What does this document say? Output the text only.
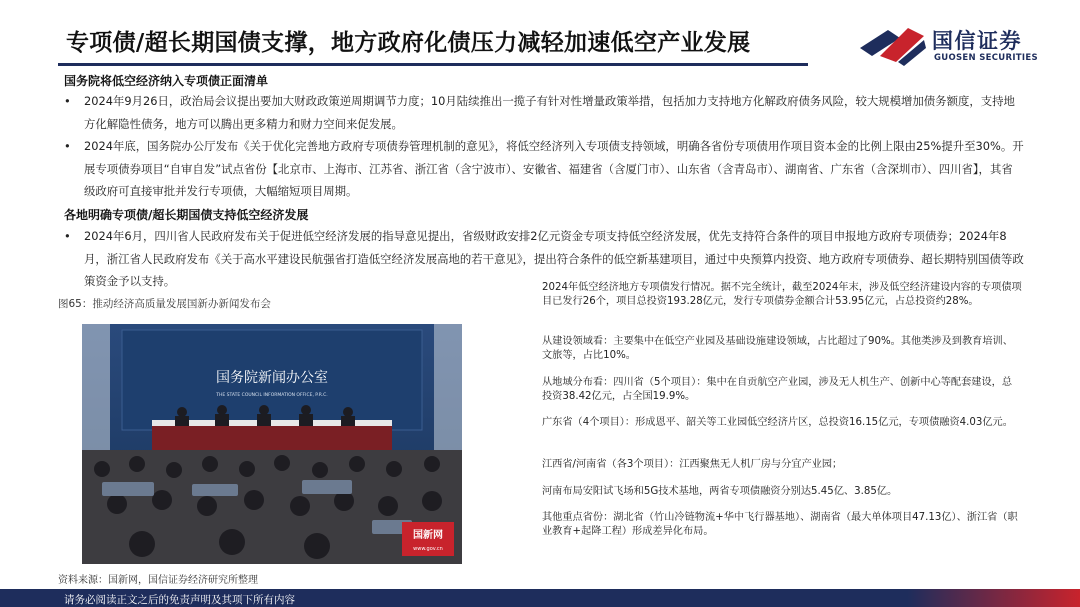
专项债/超长期国债支撑，地方政府化债压力减轻加速低空产业发展	国信证券
GUOSEN SECURITIES
国务院将低空经济纳入专项债正面清单
• 2024年9月26日，政治局会议提出要加大财政政策逆周期调节力度；10月陆续推出一揽子有针对性增量政策举措，包括加力支持地方化解政府债务风险，较大规模增加债务额度，支持地方化解隐性债务，地方可以腾出更多精力和财力空间来促发展。
• 2024年底，国务院办公厅发布《关于优化完善地方政府专项债券管理机制的意见》，将低空经济列入专项债支持领域，明确各省份专项债用作项目资本金的比例上限由25%提升至30%。开展专项债券项目“自审自发”试点省份【北京市、上海市、江苏省、浙江省（含宁波市）、安徽省、福建省（含厦门市）、山东省（含青岛市）、湖南省、广东省（含深圳市）、四川省】，其省级政府可直接审批并发行专项债，大幅缩短项目周期。
各地明确专项债/超长期国债支持低空经济发展
• 2024年6月，四川省人民政府发布关于促进低空经济发展的指导意见提出，省级财政安排2亿元资金专项支持低空经济发展，优先支持符合条件的项目申报地方政府专项债券；2024年8月，浙江省人民政府发布《关于高水平建设民航强省打造低空经济发展高地的若干意见》，提出符合条件的低空新基建项目，通过中央预算内投资、地方政府专项债券、超长期特别国债等政策资金予以支持。
图65：推动经济高质量发展国新办新闻发布会
国务院新闻办公室
THE STATE COUNCIL INFORMATION OFFICE, P.R.C.
国新网
www.gov.cn
资料来源：国新网，国信证券经济研究所整理
2024年低空经济地方专项债发行情况。据不完全统计，截至2024年末，涉及低空经济建设内容的专项债项目已发行26个，项目总投资193.28亿元，发行专项债券金额合计53.95亿元，占总投资约28%。
从建设领域看：主要集中在低空产业园及基础设施建设领域，占比超过了90%。其他类涉及到教育培训、文旅等，占比10%。
从地域分布看：四川省（5个项目）：集中在自贡航空产业园，涉及无人机生产、创新中心等配套建设，总投资38.42亿元，占全国19.9%。
广东省（4个项目）：形成恩平、韶关等工业园低空经济片区，总投资16.15亿元，专项债融资4.03亿元。
江西省/河南省（各3个项目）：江西聚焦无人机厂房与分宜产业园；
河南布局安阳试飞场和5G技术基地，两省专项债融资分别达5.45亿、3.85亿。
其他重点省份：湖北省（竹山冷链物流+华中飞行器基地）、湖南省（最大单体项目47.13亿）、浙江省（职业教育+起降工程）形成差异化布局。
请务必阅读正文之后的免责声明及其项下所有内容
